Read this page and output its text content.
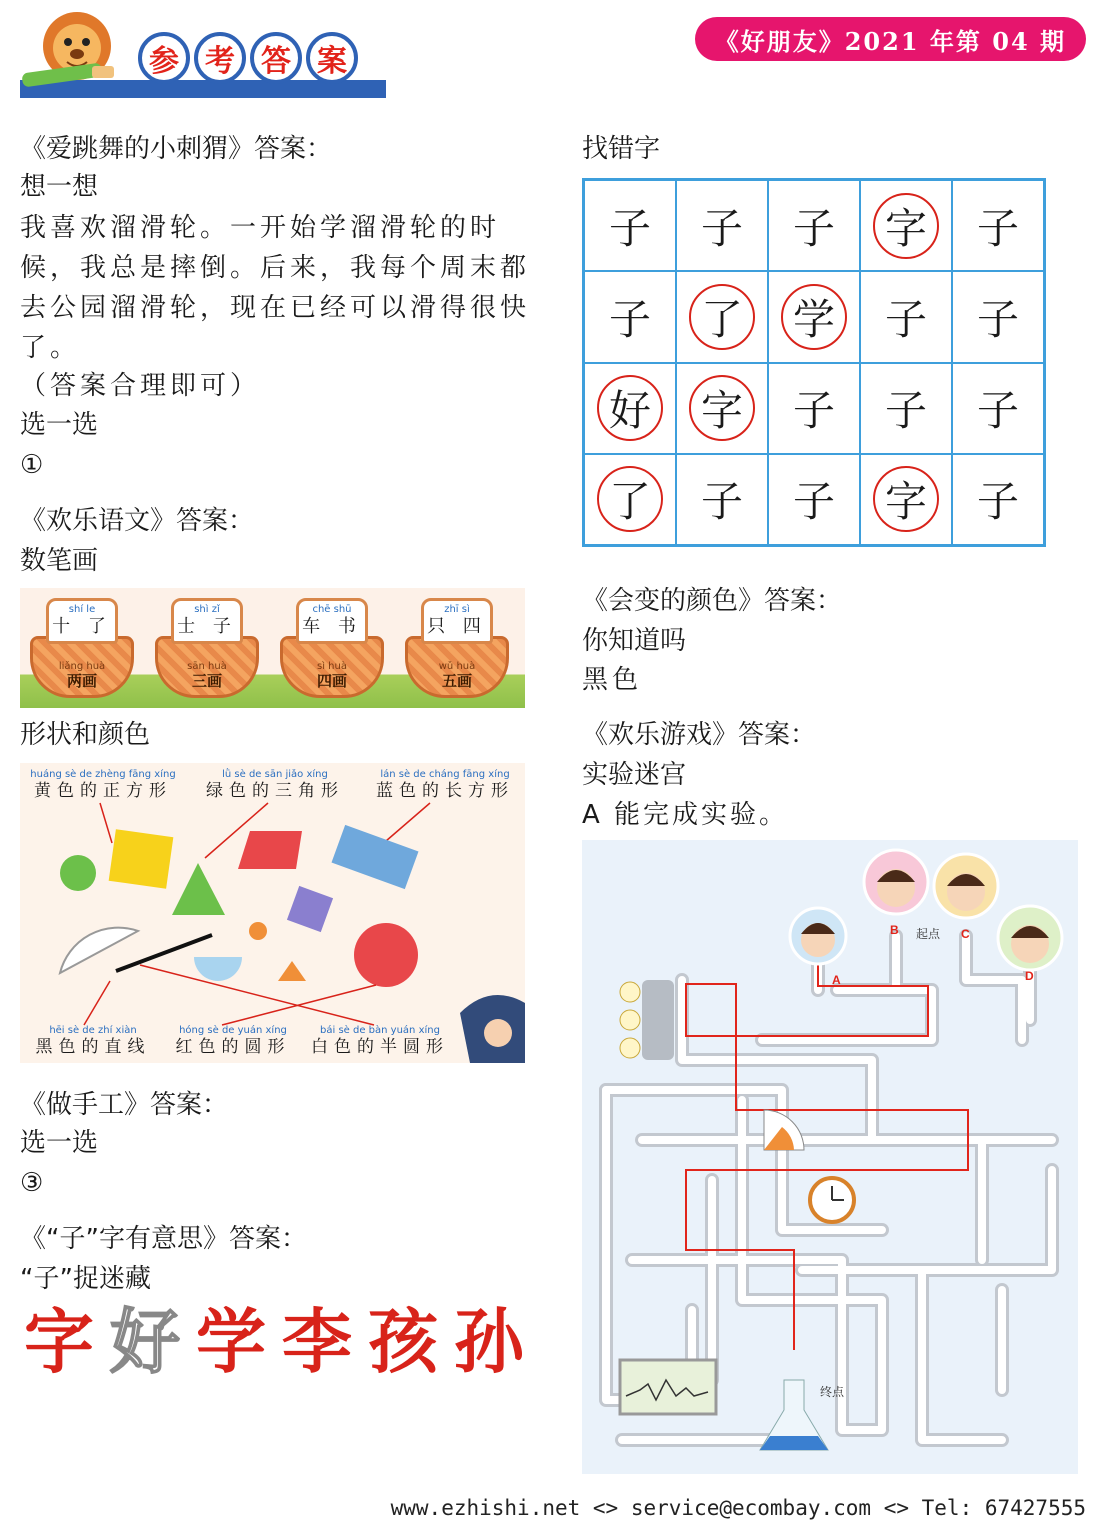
参 考 答 案
《好朋友》2021 年第 04 期
《爱跳舞的小刺猬》答案：
想一想
我喜欢溜滑轮。一开始学溜滑轮的时候，我总是摔倒。后来，我每个周末都去公园溜滑轮，现在已经可以滑得很快了。
（答案合理即可）
选一选
①
《欢乐语文》答案：
数笔画
liǎng huà
两画
shí le
十 了
sān huà
三画
shì zǐ
士 子
sì huà
四画
chē shū
车 书
wǔ huà
五画
zhī sì
只 四
形状和颜色
huáng sè de zhèng fāng xíng
黄色的正方形
lǜ sè de sān jiǎo xíng
绿色的三角形
lán sè de cháng fāng xíng
蓝色的长方形
hēi sè de zhí xiàn
黑色的直线
hóng sè de yuán xíng
红色的圆形
bái sè de bàn yuán xíng
白色的半圆形
《做手工》答案：
选一选
③
《“子”字有意思》答案：
“子”捉迷藏
字 好 学 李 孩 孙
找错字
子 子 子 字 子
子 了 学 子 子
好 字 子 子 子
了 子 子 字 子
《会变的颜色》答案：
你知道吗
黑色
《欢乐游戏》答案：
实验迷宫
A 能完成实验。
A
B	C
D
起点
终点
www.ezhishi.net <> service@ecombay.com <> Tel: 67427555
